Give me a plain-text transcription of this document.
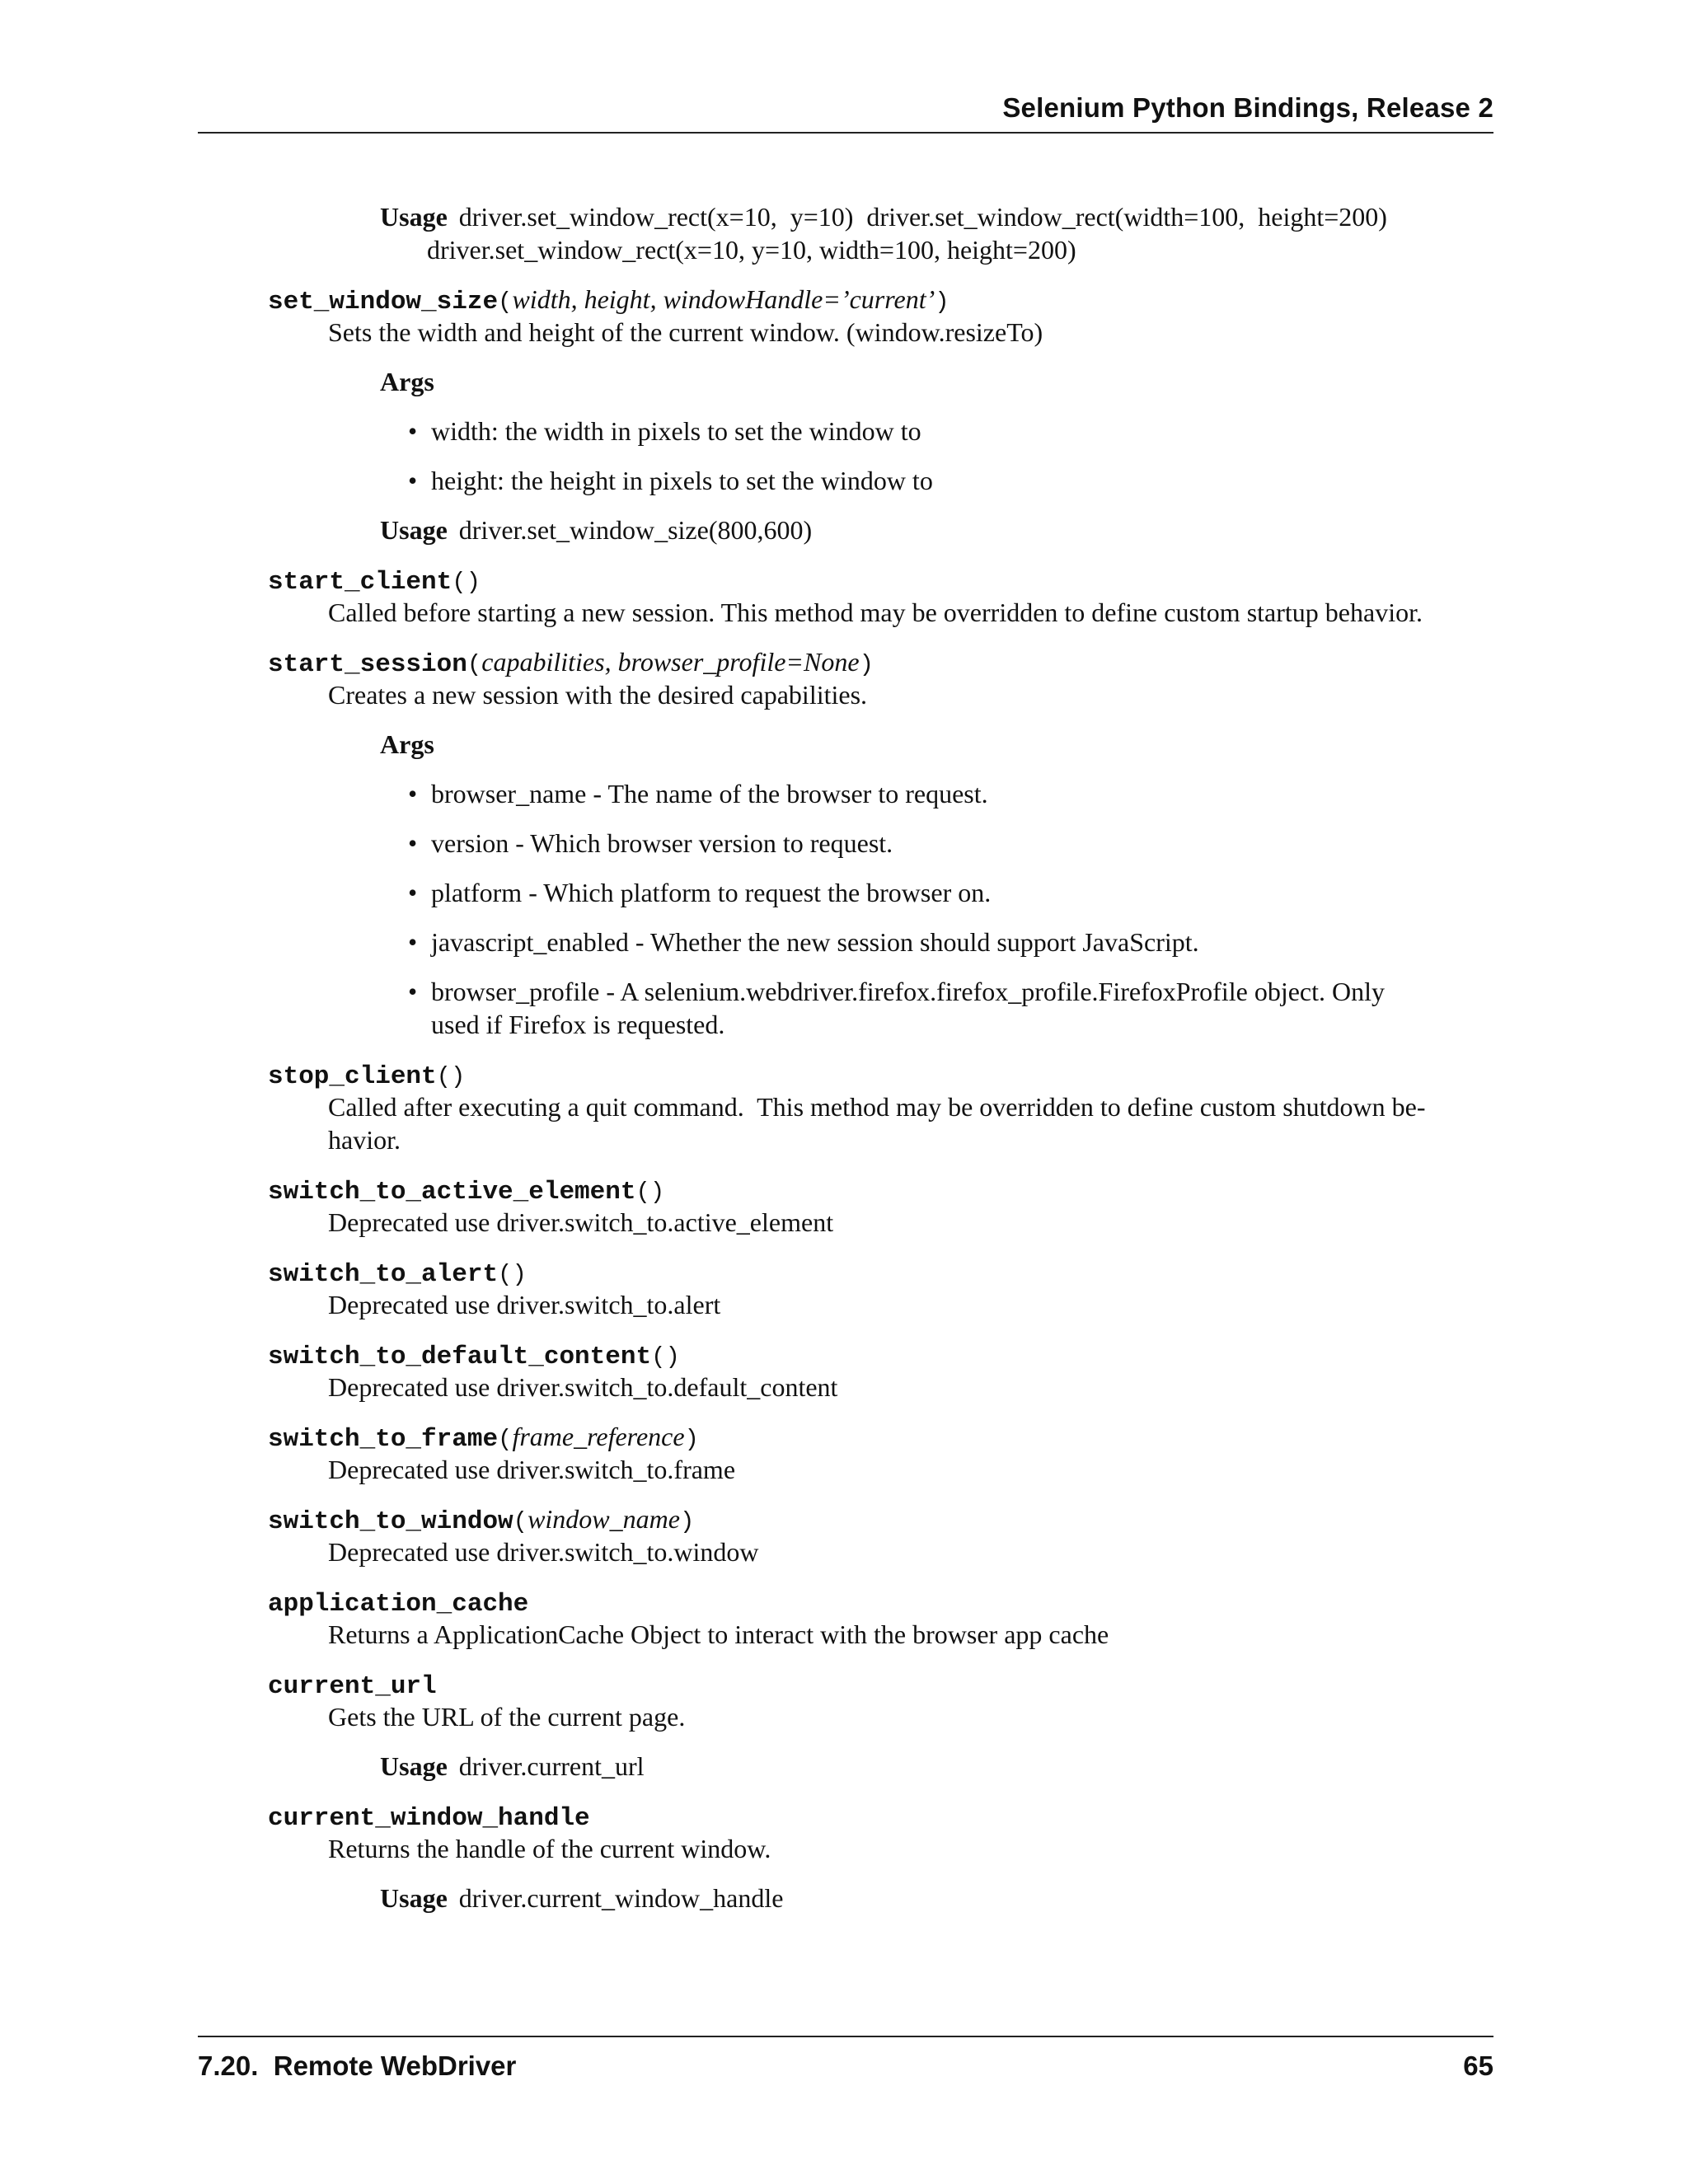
Selenium Python Bindings, Release 2
Usage driver.set_window_rect(x=10,  y=10)  driver.set_window_rect(width=100,  height=200)
driver.set_window_rect(x=10, y=10, width=100, height=200)
set_window_size(width, height, windowHandle=’current’)
Sets the width and height of the current window. (window.resizeTo)
Args
• width: the width in pixels to set the window to
• height: the height in pixels to set the window to
Usage driver.set_window_size(800,600)
start_client()
Called before starting a new session. This method may be overridden to define custom startup behavior.
start_session(capabilities, browser_profile=None)
Creates a new session with the desired capabilities.
Args
• browser_name - The name of the browser to request.
• version - Which browser version to request.
• platform - Which platform to request the browser on.
• javascript_enabled - Whether the new session should support JavaScript.
• browser_profile - A selenium.webdriver.firefox.firefox_profile.FirefoxProfile object. Only
used if Firefox is requested.
stop_client()
Called after executing a quit command.  This method may be overridden to define custom shutdown be-
havior.
switch_to_active_element()
Deprecated use driver.switch_to.active_element
switch_to_alert()
Deprecated use driver.switch_to.alert
switch_to_default_content()
Deprecated use driver.switch_to.default_content
switch_to_frame(frame_reference)
Deprecated use driver.switch_to.frame
switch_to_window(window_name)
Deprecated use driver.switch_to.window
application_cache
Returns a ApplicationCache Object to interact with the browser app cache
current_url
Gets the URL of the current page.
Usage driver.current_url
current_window_handle
Returns the handle of the current window.
Usage driver.current_window_handle
7.20.  Remote WebDriver	65
